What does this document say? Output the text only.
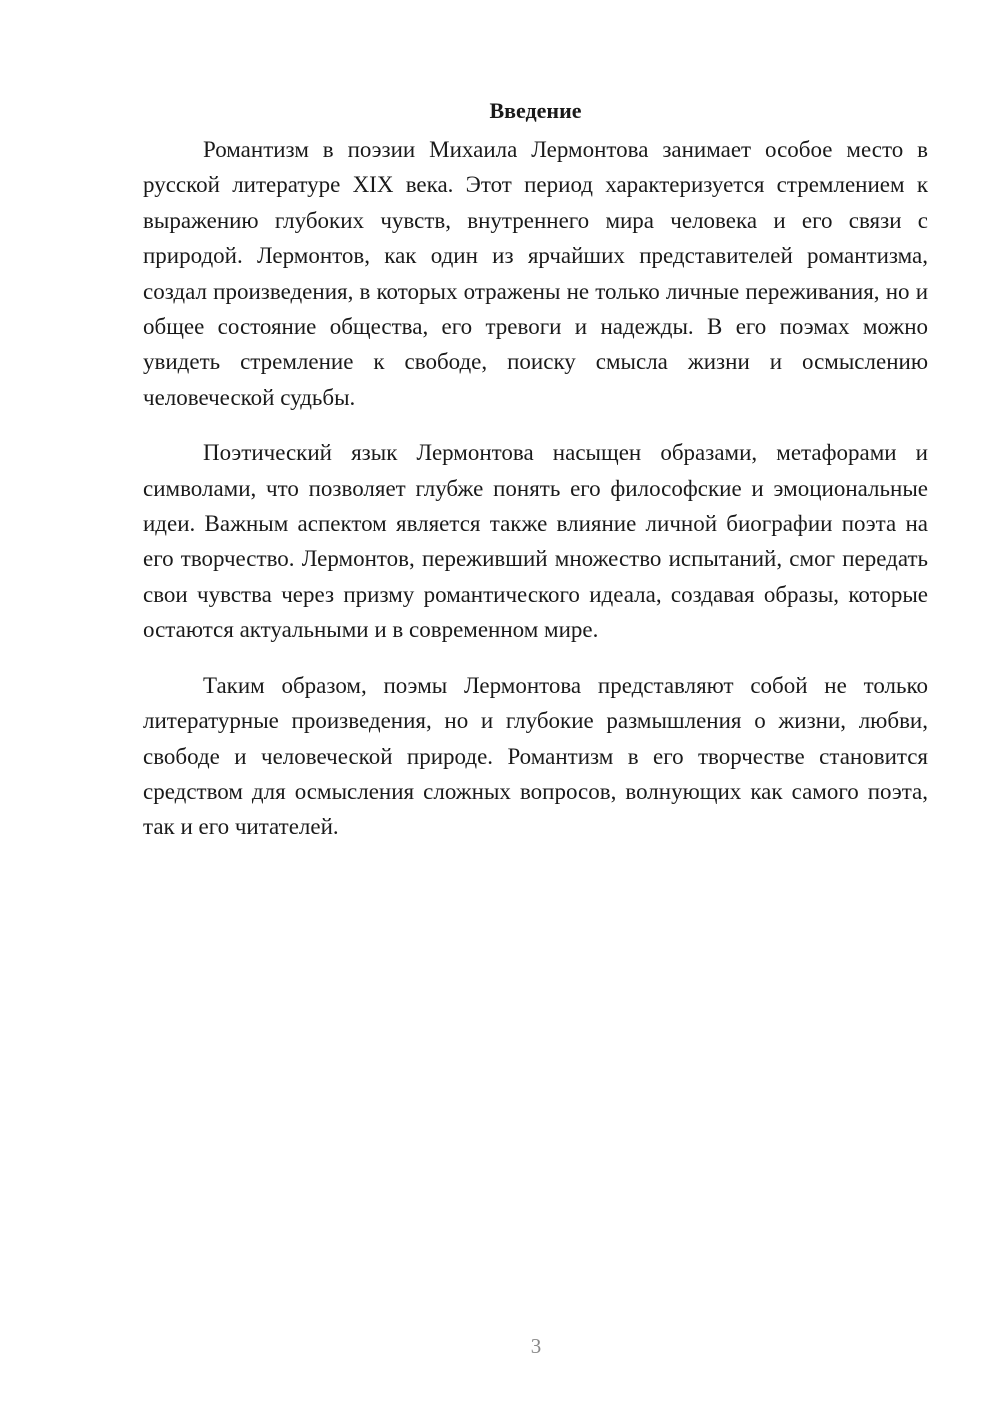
Введение

Романтизм в поэзии Михаила Лермонтова занимает особое место в русской литературе XIX века. Этот период характеризуется стремлением к выражению глубоких чувств, внутреннего мира человека и его связи с природой. Лермонтов, как один из ярчайших представителей романтизма, создал произведения, в которых отражены не только личные переживания, но и общее состояние общества, его тревоги и надежды. В его поэмах можно увидеть стремление к свободе, поиску смысла жизни и осмыслению человеческой судьбы.

Поэтический язык Лермонтова насыщен образами, метафорами и символами, что позволяет глубже понять его философские и эмоциональные идеи. Важным аспектом является также влияние личной биографии поэта на его творчество. Лермонтов, переживший множество испытаний, смог передать свои чувства через призму романтического идеала, создавая образы, которые остаются актуальными и в современном мире.

Таким образом, поэмы Лермонтова представляют собой не только литературные произведения, но и глубокие размышления о жизни, любви, свободе и человеческой природе. Романтизм в его творчестве становится средством для осмысления сложных вопросов, волнующих как самого поэта, так и его читателей.

3
